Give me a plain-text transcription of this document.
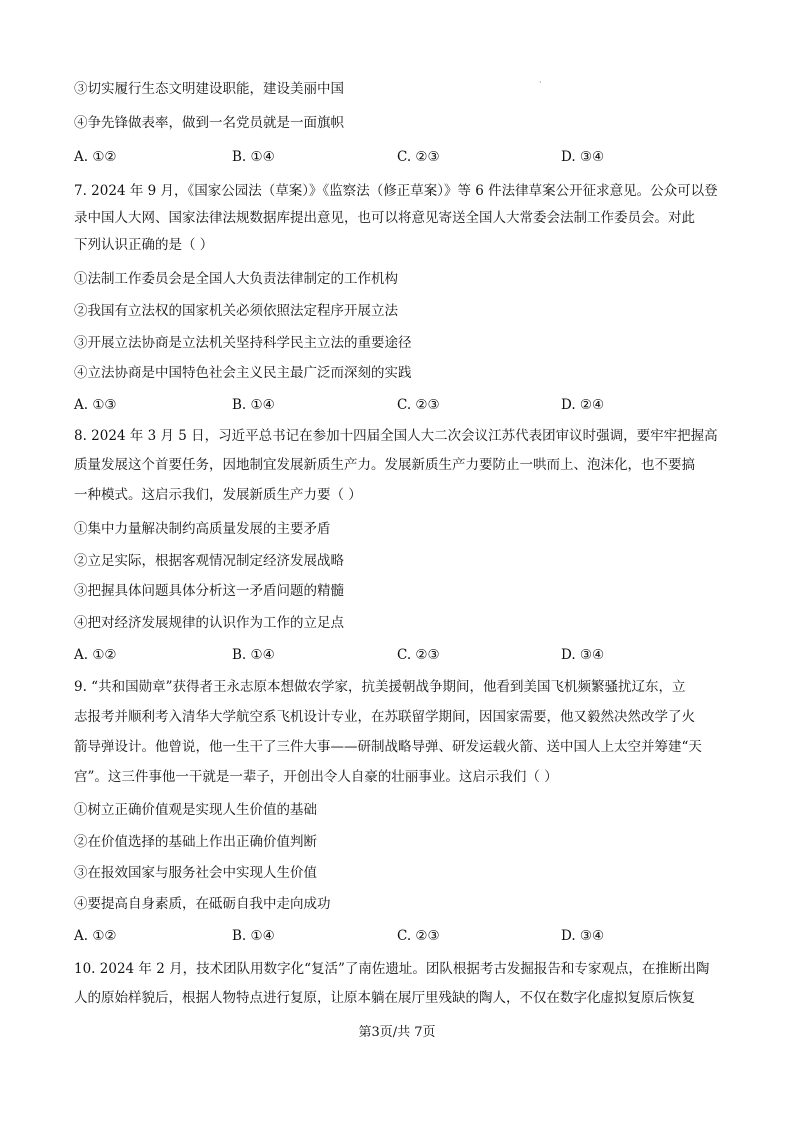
·
③切实履行生态文明建设职能，建设美丽中国
④争先锋做表率，做到一名党员就是一面旗帜
A. ①②	B. ①④	C. ②③	D. ③④
7. 2024 年 9 月，《国家公园法（草案）》《监察法（修正草案）》等 6 件法律草案公开征求意见。公众可以登
录中国人大网、国家法律法规数据库提出意见，也可以将意见寄送全国人大常委会法制工作委员会。对此
下列认识正确的是（ ）
①法制工作委员会是全国人大负责法律制定的工作机构
②我国有立法权的国家机关必须依照法定程序开展立法
③开展立法协商是立法机关坚持科学民主立法的重要途径
④立法协商是中国特色社会主义民主最广泛而深刻的实践
A. ①③	B. ①④	C. ②③	D. ②④
8. 2024 年 3 月 5 日，习近平总书记在参加十四届全国人大二次会议江苏代表团审议时强调，要牢牢把握高
质量发展这个首要任务，因地制宜发展新质生产力。发展新质生产力要防止一哄而上、泡沫化，也不要搞
一种模式。这启示我们，发展新质生产力要（ ）
①集中力量解决制约高质量发展的主要矛盾
②立足实际，根据客观情况制定经济发展战略
③把握具体问题具体分析这一矛盾问题的精髓
④把对经济发展规律的认识作为工作的立足点
A. ①②	B. ①④	C. ②③	D. ③④
9. “共和国勋章”获得者王永志原本想做农学家，抗美援朝战争期间，他看到美国飞机频繁骚扰辽东，立
志报考并顺利考入清华大学航空系飞机设计专业，在苏联留学期间，因国家需要，他又毅然决然改学了火
箭导弹设计。他曾说，他一生干了三件大事——研制战略导弹、研发运载火箭、送中国人上太空并筹建“天
宫”。这三件事他一干就是一辈子，开创出令人自豪的壮丽事业。这启示我们（ ）
①树立正确价值观是实现人生价值的基础
②在价值选择的基础上作出正确价值判断
③在报效国家与服务社会中实现人生价值
④要提高自身素质，在砥砺自我中走向成功
A. ①②	B. ①④	C. ②③	D. ③④
10. 2024 年 2 月，技术团队用数字化“复活”了南佐遗址。团队根据考古发掘报告和专家观点，在推断出陶
人的原始样貌后，根据人物特点进行复原，让原本躺在展厅里残缺的陶人，不仅在数字化虚拟复原后恢复
第3页/共 7页
